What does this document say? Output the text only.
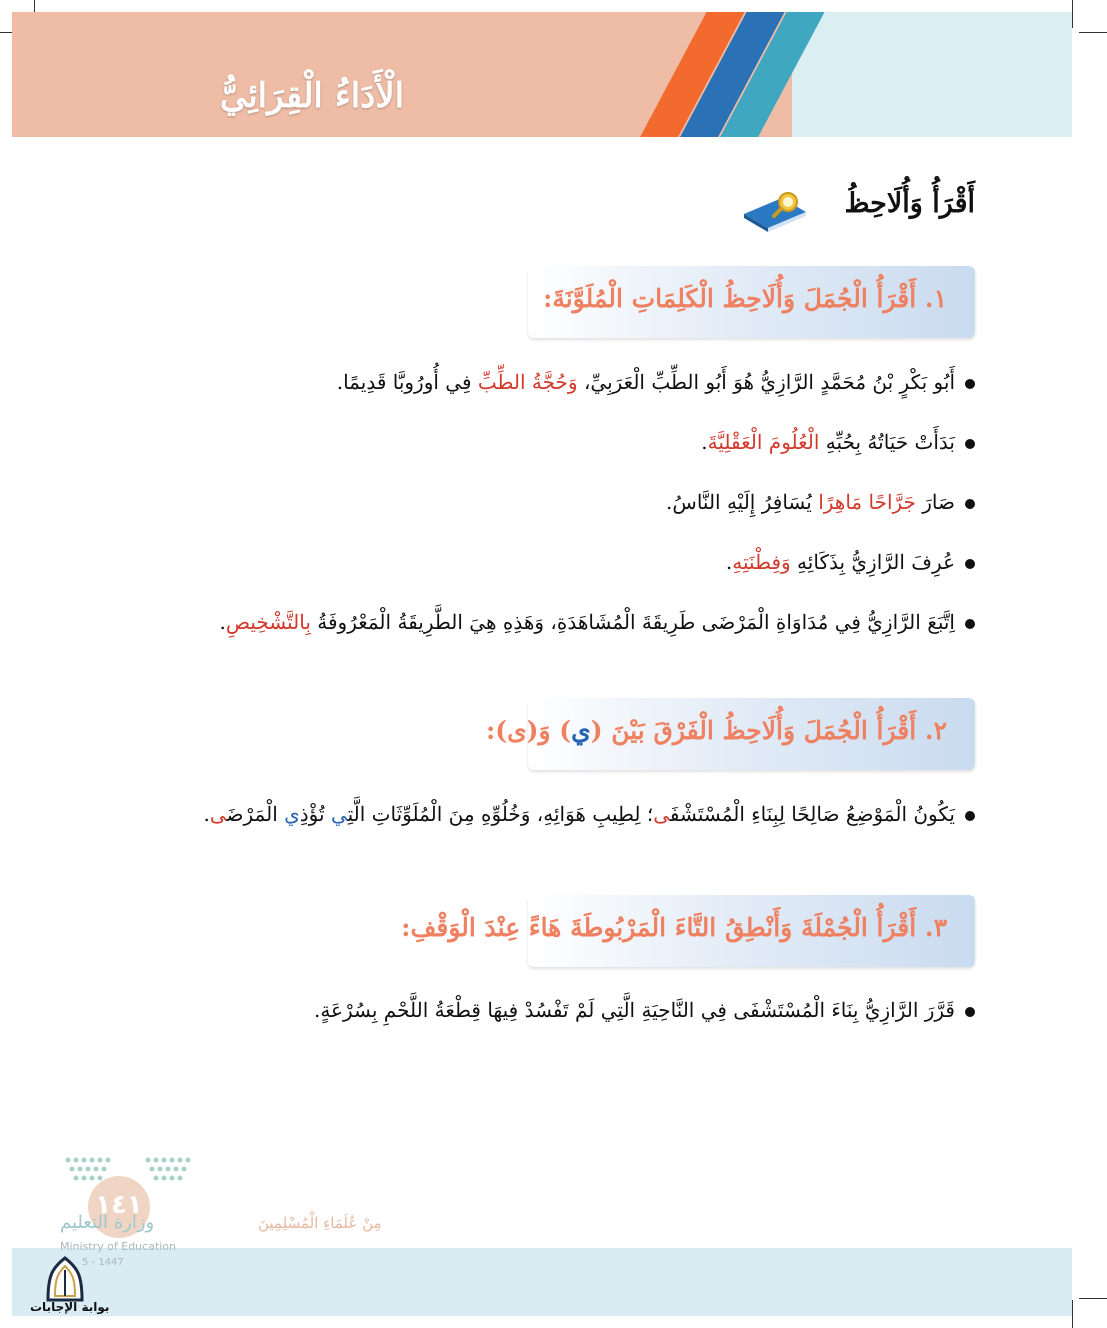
الْأَدَاءُ الْقِرَائِيُّ
أَقْرَأُ وَأُلَاحِظُ
١. أَقْرَأُ الْجُمَلَ وَأُلَاحِظُ الْكَلِمَاتِ الْمُلَوَّنَةَ:
أَبُو بَكْرٍ بْنُ مُحَمَّدٍ الرَّازِيُّ هُوَ أَبُو الطِّبِّ الْعَرَبِيِّ، وَحُجَّةُ الطِّبِّ فِي أُورُوبَّا قَدِيمًا.
بَدَأَتْ حَيَاتُهُ بِحُبِّهِ الْعُلُومَ الْعَقْلِيَّةَ.
صَارَ جَرَّاحًا مَاهِرًا يُسَافِرُ إِلَيْهِ النَّاسُ.
عُرِفَ الرَّازِيُّ بِذَكَائِهِ وَفِطْنَتِهِ.
اِتَّبَعَ الرَّازِيُّ فِي مُدَاوَاةِ الْمَرْضَى طَرِيقَةَ الْمُشَاهَدَةِ، وَهَذِهِ هِيَ الطَّرِيقَةُ الْمَعْرُوفَةُ بِالتَّشْخِيصِ.
٢. أَقْرَأُ الْجُمَلَ وَأُلَاحِظُ الْفَرْقَ بَيْنَ (ي) وَ(ى):
يَكُونُ الْمَوْضِعُ صَالِحًا لِبِنَاءِ الْمُسْتَشْفَى؛ لِطِيبِ هَوَائِهِ، وَخُلُوِّهِ مِنَ الْمُلَوِّثَاتِ الَّتِي تُؤْذِي الْمَرْضَى.
٣. أَقْرَأُ الْجُمْلَةَ وَأَنْطِقُ التَّاءَ الْمَرْبُوطَةَ هَاءً عِنْدَ الْوَقْفِ:
قَرَّرَ الرَّازِيُّ بِنَاءَ الْمُسْتَشْفَى فِي النَّاحِيَةِ الَّتِي لَمْ تَفْسُدْ فِيهَا قِطْعَةُ اللَّحْمِ بِسُرْعَةٍ.
مِنْ عُلَمَاءِ الْمُسْلِمِينَ
١٤١
وزارة التعليم
Ministry of Education
5 - 1447
بوابة الإجابات
